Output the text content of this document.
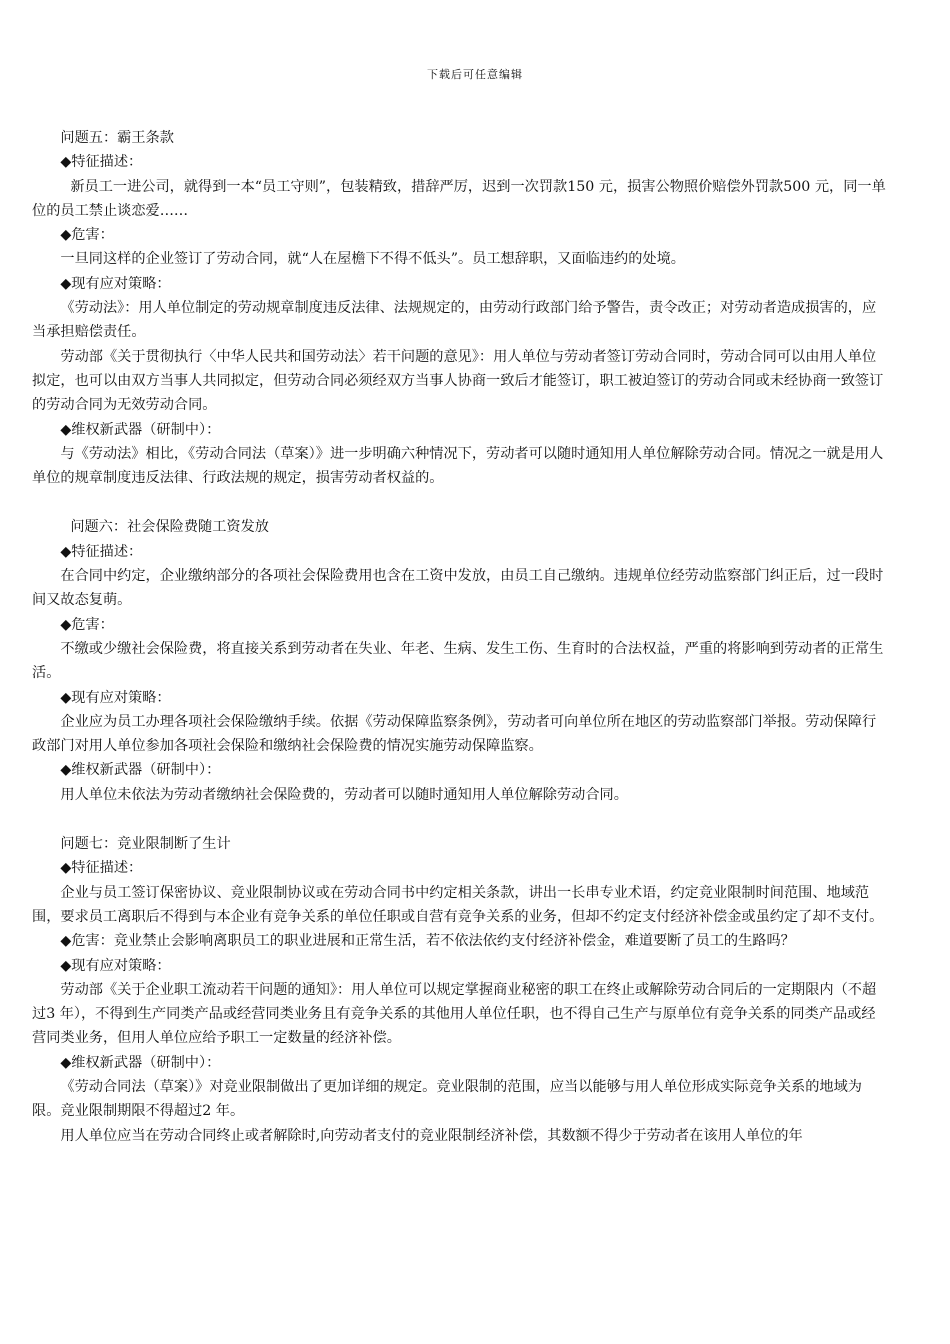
下载后可任意编辑

问题五：霸王条款

◆特征描述：

新员工一进公司，就得到一本“员工守则”，包装精致，措辞严厉，迟到一次罚款150 元，损害公物照价赔偿外罚款500 元，同一单位的员工禁止谈恋爱……

◆危害：

一旦同这样的企业签订了劳动合同，就“人在屋檐下不得不低头”。员工想辞职，又面临违约的处境。

◆现有应对策略：

《劳动法》：用人单位制定的劳动规章制度违反法律、法规规定的，由劳动行政部门给予警告，责令改正；对劳动者造成损害的，应当承担赔偿责任。

劳动部《关于贯彻执行〈中华人民共和国劳动法〉若干问题的意见》：用人单位与劳动者签订劳动合同时，劳动合同可以由用人单位拟定，也可以由双方当事人共同拟定，但劳动合同必须经双方当事人协商一致后才能签订，职工被迫签订的劳动合同或未经协商一致签订的劳动合同为无效劳动合同。

◆维权新武器（研制中）：

与《劳动法》相比，《劳动合同法（草案）》进一步明确六种情况下，劳动者可以随时通知用人单位解除劳动合同。情况之一就是用人单位的规章制度违反法律、行政法规的规定，损害劳动者权益的。

问题六：社会保险费随工资发放

◆特征描述：

在合同中约定，企业缴纳部分的各项社会保险费用也含在工资中发放，由员工自己缴纳。违规单位经劳动监察部门纠正后，过一段时间又故态复萌。

◆危害：

不缴或少缴社会保险费，将直接关系到劳动者在失业、年老、生病、发生工伤、生育时的合法权益，严重的将影响到劳动者的正常生活。

◆现有应对策略：

企业应为员工办理各项社会保险缴纳手续。依据《劳动保障监察条例》，劳动者可向单位所在地区的劳动监察部门举报。劳动保障行政部门对用人单位参加各项社会保险和缴纳社会保险费的情况实施劳动保障监察。

◆维权新武器（研制中）：

用人单位未依法为劳动者缴纳社会保险费的，劳动者可以随时通知用人单位解除劳动合同。

问题七：竞业限制断了生计

◆特征描述：

企业与员工签订保密协议、竞业限制协议或在劳动合同书中约定相关条款，讲出一长串专业术语，约定竞业限制时间范围、地域范围，要求员工离职后不得到与本企业有竞争关系的单位任职或自营有竞争关系的业务，但却不约定支付经济补偿金或虽约定了却不支付。

◆危害：竞业禁止会影响离职员工的职业进展和正常生活，若不依法依约支付经济补偿金，难道要断了员工的生路吗？

◆现有应对策略：

劳动部《关于企业职工流动若干问题的通知》：用人单位可以规定掌握商业秘密的职工在终止或解除劳动合同后的一定期限内（不超过3 年），不得到生产同类产品或经营同类业务且有竞争关系的其他用人单位任职，也不得自己生产与原单位有竞争关系的同类产品或经营同类业务，但用人单位应给予职工一定数量的经济补偿。

◆维权新武器（研制中）：

《劳动合同法（草案）》对竞业限制做出了更加详细的规定。竞业限制的范围，应当以能够与用人单位形成实际竞争关系的地域为限。竞业限制期限不得超过2 年。

用人单位应当在劳动合同终止或者解除时,向劳动者支付的竞业限制经济补偿，其数额不得少于劳动者在该用人单位的年
